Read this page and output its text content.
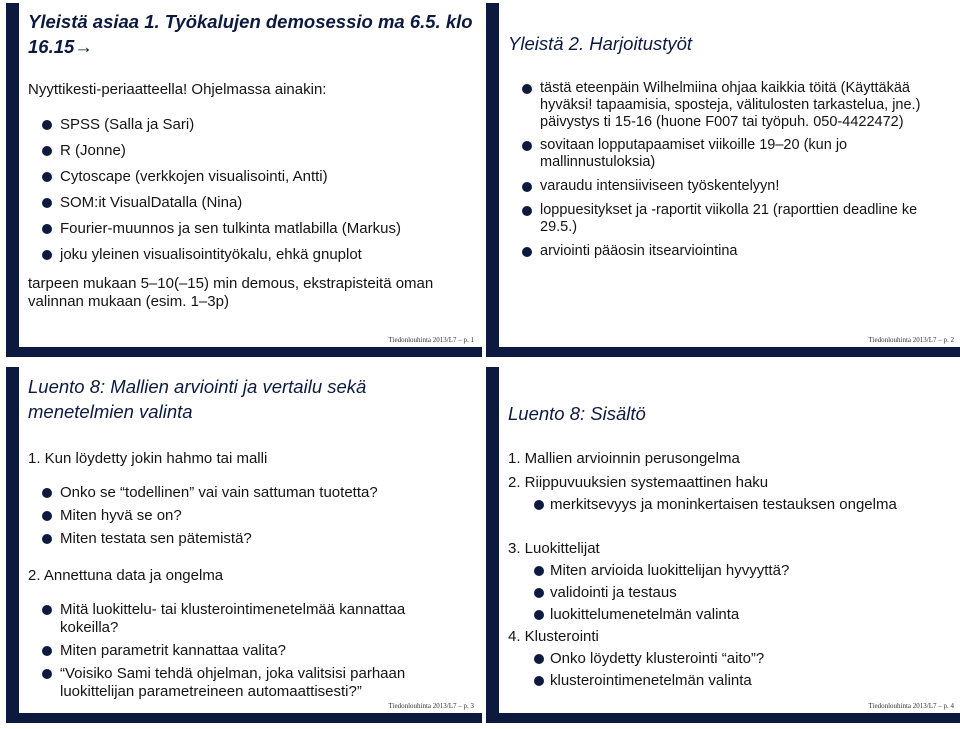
Yleistä asiaa 1. Työkalujen demosessio ma 6.5. klo 16.15→

Nyyttikesti-periaatteella! Ohjelmassa ainakin:

SPSS (Salla ja Sari)
R (Jonne)
Cytoscape (verkkojen visualisointi, Antti)
SOM:it VisualDatalla (Nina)
Fourier-muunnos ja sen tulkinta matlabilla (Markus)
joku yleinen visualisointityökalu, ehkä gnuplot

tarpeen mukaan 5–10(–15) min demous, ekstrapisteitä oman valinnan mukaan (esim. 1–3p)

Tiedonlouhinta 2013/L7 – p. 1
Yleistä 2. Harjoitustyöt
tästä eteenpäin Wilhelmiina ohjaa kaikkia töitä (Käyttäkää hyväksi! tapaamisia, sposteja, välitulosten tarkastelua, jne.) päivystys ti 15-16 (huone F007 tai työpuh. 050-4422472)
sovitaan lopputapaamiset viikoille 19–20 (kun jo mallinnustuloksia)
varaudu intensiiviseen työskentelyyn!
loppuesitykset ja -raportit viikolla 21 (raporttien deadline ke 29.5.)
arviointi pääosin itsearviointina
Tiedonlouhinta 2013/L7 – p. 2
Luento 8: Mallien arviointi ja vertailu sekä menetelmien valinta

1. Kun löydetty jokin hahmo tai malli

Onko se “todellinen” vai vain sattuman tuotetta?
Miten hyvä se on?
Miten testata sen pätemistä?

2. Annettuna data ja ongelma

Mitä luokittelu- tai klusterointimenetelmää kannattaa kokeilla?
Miten parametrit kannattaa valita?
“Voisiko Sami tehdä ohjelman, joka valitsisi parhaan luokittelijan parametreineen automaattisesti?”
Tiedonlouhinta 2013/L7 – p. 3
Luento 8: Sisältö
1. Mallien arvioinnin perusongelma
2. Riippuvuuksien systemaattinen haku
merkitsevyys ja moninkertaisen testauksen ongelma
3. Luokittelijat
Miten arvioida luokittelijan hyvyyttä?
validointi ja testaus
luokittelumenetelmän valinta
4. Klusterointi
Onko löydetty klusterointi “aito”?
klusterointimenetelmän valinta
Tiedonlouhinta 2013/L7 – p. 4
